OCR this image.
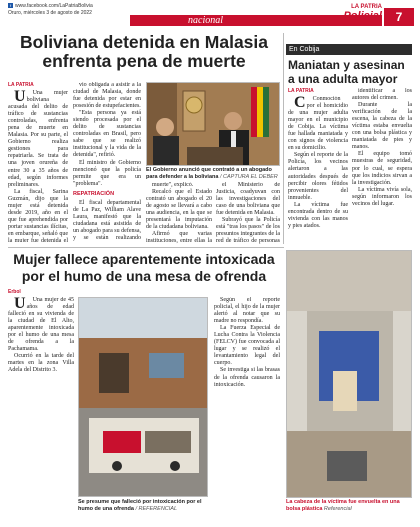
f www.facebook.com/LaPatriaBolivia
Oruro, miércoles 3 de agosto de 2022
nacional
LA PATRIA
Policial	7
Boliviana detenida en Malasia enfrenta pena de muerte
LA PATRIA

U Una mujer boliviana acusada del delito de tráfico de sustancias controladas, enfrenta pena de muerte en Malasia. Por su parte, el Gobierno realiza gestiones para repatriarla. Se trata de una joven orureña de entre 30 a 35 años de edad, según informes preliminares.

La fiscal, Sarina Guzmán, dijo que la mujer está detenida desde 2019, año en el que fue aprehendida por portar sustancias ilícitas, en embarque, señaló que la mujer fue detenida el

vio obligada a asistir a la ciudad de Malasia, donde fue detenida por estar en posesión de estupefacientes.

"Esta persona ya está siendo procesada por el delito de sustancias controladas en Brasil, pero sabe que se realizó institucional y la vida de la detenida", refirió.

El ministro de Gobierno mencionó que la policía permite que era un "problema".

REPATRIACIÓN

El fiscal departamental de La Paz, William Alave Laura, manifestó que la ciudadana está asistida de un abogado para su defensa, y se están realizando

El Gobierno anunció que contrató a un abogado para defender a la boliviana / CAPTURA EL DEBER

muerte", explicó.

Recalcó que el Estado contrató un abogado el 20 de agosto se llevará a cabo una audiencia, en la que se presentará la imputación de la ciudadana boliviana.

Afirmó que varias instituciones, entre ellas la

el Ministerio de Justicia, coadyuvan con las investigaciones del caso de una boliviana que fue detenida en Malasia.

Subrayó que la Policía está "tras los pasos" de los presuntos integrantes de la red de tráfico de personas

En Cobija
Maniatan y asesinan a una adulta mayor
LA PATRIA

C Conmoción por el homicidio de una mujer adulta mayor en el municipio de Cobija. La víctima fue hallada maniatada y con signos de violencia en su domicilio.

Según el reporte de la Policía, los vecinos alertaron a las autoridades después de percibir olores fétidos provenientes del inmueble.

La víctima fue encontrada dentro de su vivienda con las manos y pies atados.

identificar a los autores del crimen.

Durante la verificación de la escena, la cabeza de la víctima estaba envuelta con una bolsa plástica y maniatada de pies y manos.

El equipo tomó muestras de seguridad, por lo cual, se espera que los indicios sirvan a la investigación.

La víctima vivía sola, según informaron los vecinos del lugar.

Mujer fallece aparentemente intoxicada por el humo de una mesa de ofrenda
Erbol

U Una mujer de 45 años de edad falleció en su vivienda de la ciudad de El Alto, aparentemente intoxicada por el humo de una mesa de ofrenda a la Pachamama.

Ocurrió en la tarde del martes en la zona Villa Adela del Distrito 3.

Se presume que falleció por intoxicación por el humo de una ofrenda / REFERENCIAL

Según el reporte policial, el hijo de la mujer alertó al notar que su madre no respondía.

La Fuerza Especial de Lucha Contra la Violencia (FELCV) fue convocada al lugar y se realizó el levantamiento legal del cuerpo.

Se investiga si las brasas de la ofrenda causaron la intoxicación.

La cabeza de la víctima fue envuelta en una bolsa plástica Referencial
